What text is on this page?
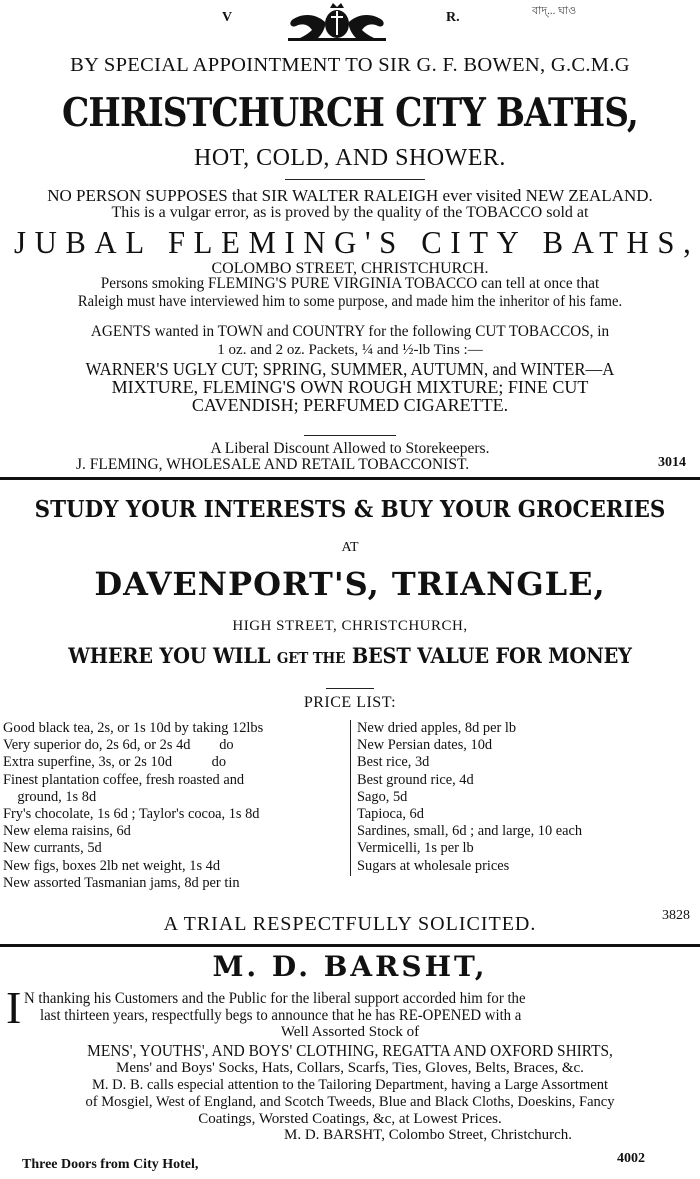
V	R.	বাদ্‌... ঘাও
BY SPECIAL APPOINTMENT TO SIR G. F. BOWEN, G.C.M.G
CHRISTCHURCH CITY BATHS,
HOT, COLD, AND SHOWER.
NO PERSON SUPPOSES that SIR WALTER RALEIGH ever visited NEW ZEALAND.
This is a vulgar error, as is proved by the quality of the TOBACCO sold at
JUBAL FLEMING'S CITY BATHS,
COLOMBO STREET, CHRISTCHURCH.
Persons smoking FLEMING'S PURE VIRGINIA TOBACCO can tell at once that
Raleigh must have interviewed him to some purpose, and made him the inheritor of his fame.
AGENTS wanted in TOWN and COUNTRY for the following CUT TOBACCOS, in
1 oz. and 2 oz. Packets, ¼ and ½-lb Tins :—
WARNER'S UGLY CUT; SPRING, SUMMER, AUTUMN, and WINTER—A
MIXTURE, FLEMING'S OWN ROUGH MIXTURE; FINE CUT
CAVENDISH; PERFUMED CIGARETTE.
A Liberal Discount Allowed to Storekeepers.
J. FLEMING, WHOLESALE AND RETAIL TOBACCONIST.	3014
STUDY YOUR INTERESTS & BUY YOUR GROCERIES
AT
DAVENPORT'S, TRIANGLE,
HIGH STREET, CHRISTCHURCH,
WHERE YOU WILL GET THE BEST VALUE FOR MONEY
PRICE LIST:
Good black tea, 2s, or 1s 10d by taking 12lbs
Very superior do, 2s 6d, or 2s 4d        do
Extra superfine, 3s, or 2s 10d           do
Finest plantation coffee, fresh roasted and
ground, 1s 8d
Fry's chocolate, 1s 6d ; Taylor's cocoa, 1s 8d
New elema raisins, 6d
New currants, 5d
New figs, boxes 2lb net weight, 1s 4d
New assorted Tasmanian jams, 8d per tin
New dried apples, 8d per lb
New Persian dates, 10d
Best rice, 3d
Best ground rice, 4d
Sago, 5d
Tapioca, 6d
Sardines, small, 6d ; and large, 10 each
Vermicelli, 1s per lb
Sugars at wholesale prices
A TRIAL RESPECTFULLY SOLICITED.	3828
M. D. BARSHT,
I N thanking his Customers and the Public for the liberal support accorded him for the
last thirteen years, respectfully begs to announce that he has RE-OPENED with a
Well Assorted Stock of
MENS', YOUTHS', AND BOYS' CLOTHING, REGATTA AND OXFORD SHIRTS,
Mens' and Boys' Socks, Hats, Collars, Scarfs, Ties, Gloves, Belts, Braces, &c.
M. D. B. calls especial attention to the Tailoring Department, having a Large Assortment
of Mosgiel, West of England, and Scotch Tweeds, Blue and Black Cloths, Doeskins, Fancy
Coatings, Worsted Coatings, &c, at Lowest Prices.
M. D. BARSHT, Colombo Street, Christchurch.
Three Doors from City Hotel,	4002
